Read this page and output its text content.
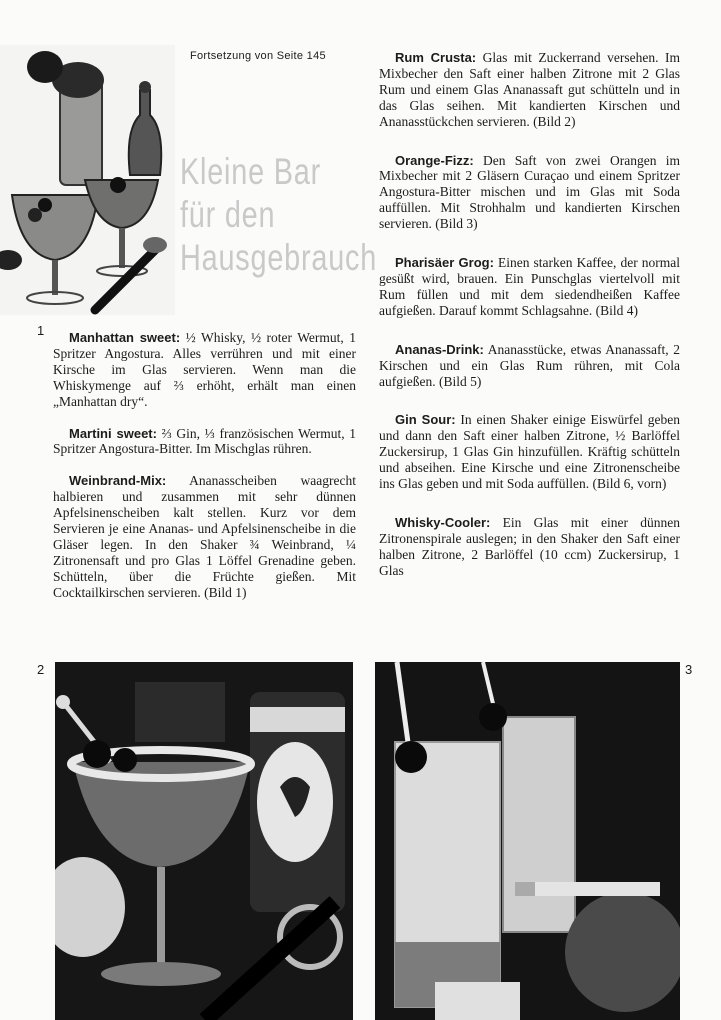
Fortsetzung von Seite 145
Kleine Bar
für den
Hausgebrauch
1	Manhattan sweet: ½ Whisky, ½ roter Wermut, 1 Spritzer Angostura. Alles verrühren und mit einer Kirsche im Glas servieren. Wenn man die Whiskymenge auf ⅔ erhöht, erhält man einen „Manhattan dry“.

Martini sweet: ⅔ Gin, ⅓ französischen Wermut, 1 Spritzer Angostura-Bitter. Im Mischglas rühren.

Weinbrand-Mix: Ananasscheiben waagrecht halbieren und zusammen mit sehr dünnen Apfelsinenscheiben kalt stellen. Kurz vor dem Servieren je eine Ananas- und Apfelsinenscheibe in die Gläser legen. In den Shaker ¾ Weinbrand, ¼ Zitronensaft und pro Glas 1 Löffel Grenadine geben. Schütteln, über die Früchte gießen. Mit Cocktailkirschen servieren. (Bild 1)

Rum Crusta: Glas mit Zuckerrand versehen. Im Mixbecher den Saft einer halben Zitrone mit 2 Glas Rum und einem Glas Ananassaft gut schütteln und in das Glas seihen. Mit kandierten Kirschen und Ananasstückchen servieren. (Bild 2)

Orange-Fizz: Den Saft von zwei Orangen im Mixbecher mit 2 Gläsern Curaçao und einem Spritzer Angostura-Bitter mischen und im Glas mit Soda auffüllen. Mit Strohhalm und kandierten Kirschen servieren. (Bild 3)

Pharisäer Grog: Einen starken Kaffee, der normal gesüßt wird, brauen. Ein Punschglas viertelvoll mit Rum füllen und mit dem siedendheißen Kaffee aufgießen. Darauf kommt Schlagsahne. (Bild 4)

Ananas-Drink: Ananasstücke, etwas Ananassaft, 2 Kirschen und ein Glas Rum rühren, mit Cola aufgießen. (Bild 5)

Gin Sour: In einen Shaker einige Eiswürfel geben und dann den Saft einer halben Zitrone, ½ Barlöffel Zuckersirup, 1 Glas Gin hinzufüllen. Kräftig schütteln und abseihen. Eine Kirsche und eine Zitronenscheibe ins Glas geben und mit Soda auffüllen. (Bild 6, vorn)

Whisky-Cooler: Ein Glas mit einer dünnen Zitronenspirale auslegen; in den Shaker den Saft einer halben Zitrone, 2 Barlöffel (10 ccm) Zuckersirup, 1 Glas

2	3
